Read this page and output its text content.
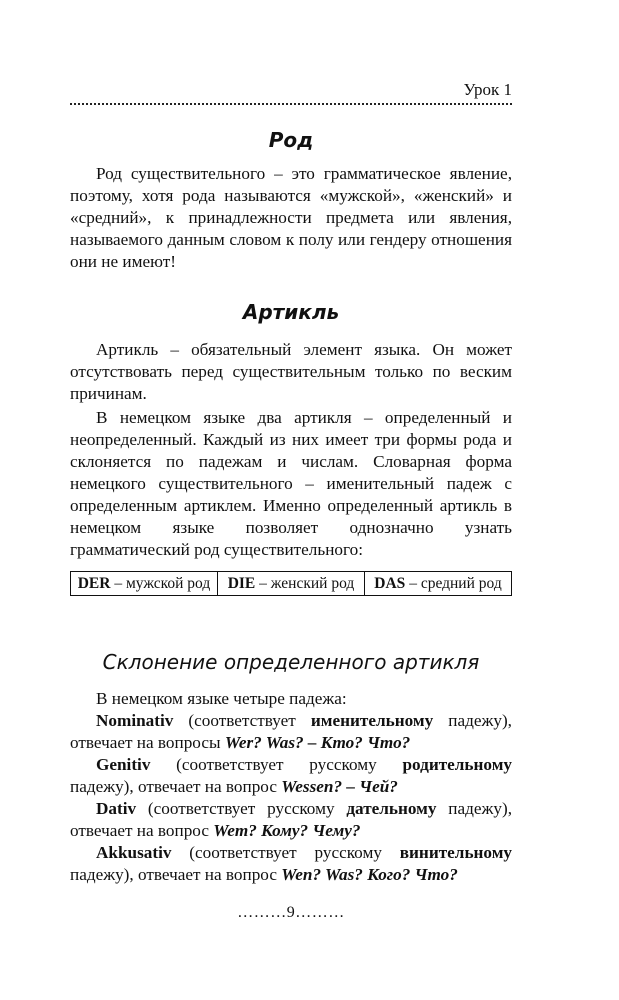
Урок 1
Род

Род существительного – это грамматическое явление, поэтому, хотя рода называются «мужской», «женский» и «средний», к принадлежности предмета или явления, называемого данным словом к полу или гендеру отношения они не имеют!

Артикль

Артикль – обязательный элемент языка. Он может отсутствовать перед существительным только по веским причинам.

В немецком языке два артикля – определенный и неопределенный. Каждый из них имеет три формы рода и склоняется по падежам и числам. Словарная форма немецкого существительного – именительный падеж с определенным артиклем. Именно определенный артикль в немецком языке позволяет однозначно узнать грамматический род существительного:

DER – мужской род	DIE – женский род	DAS – средний род
Склонение определенного артикля

В немецком языке четыре падежа:

Nominativ (соответствует именительному падежу), отвечает на вопросы Wer? Was? – Кто? Что?

Genitiv (соответствует русскому родительному падежу), отвечает на вопрос Wessen? – Чей?

Dativ (соответствует русскому дательному падежу), отвечает на вопрос Wem? Кому? Чему?

Akkusativ (соответствует русскому винительному падежу), отвечает на вопрос Wen? Was? Кого? Что?

………9………
